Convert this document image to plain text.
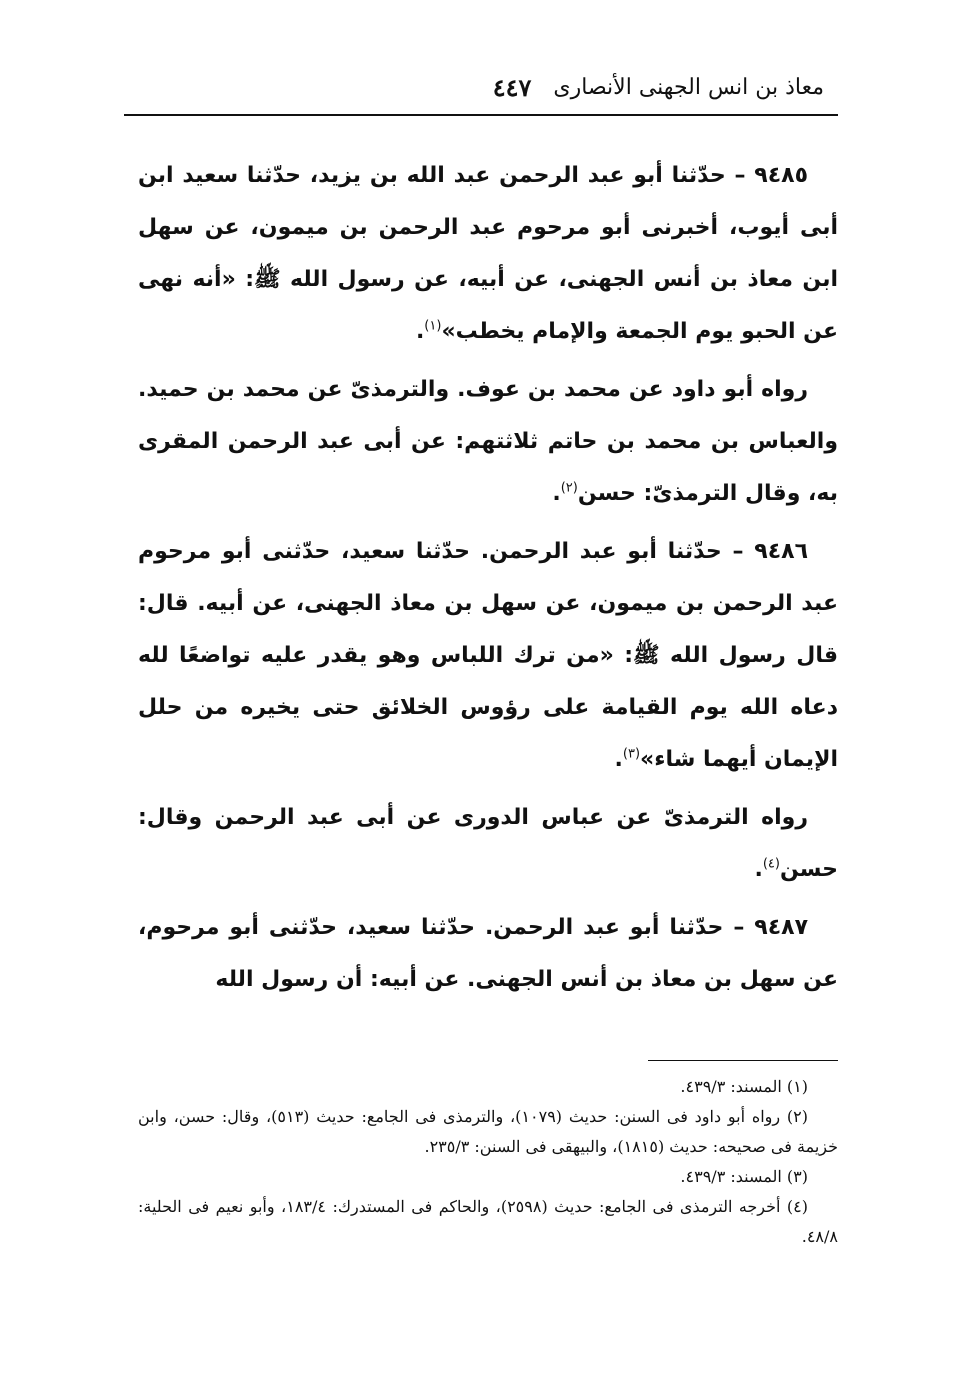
معاذ بن انس الجهنى الأنصارى
٤٤٧

٩٤٨٥ – حدّثنا أبو عبد الرحمن عبد الله بن يزيد، حدّثنا سعيد ابن أبى أيوب، أخبرنى أبو مرحوم عبد الرحمن بن ميمون، عن سهل ابن معاذ بن أنس الجهنى، عن أبيه، عن رسول الله ﷺ: «أنه نهى عن الحبو يوم الجمعة والإمام يخطب»$^{(١)}$.

رواه أبو داود عن محمد بن عوف. والترمذىّ عن محمد بن حميد. والعباس بن محمد بن حاتم ثلاثتهم: عن أبى عبد الرحمن المقرى به، وقال الترمذىّ: حسن$^{(٢)}$.

٩٤٨٦ – حدّثنا أبو عبد الرحمن. حدّثنا سعيد، حدّثنى أبو مرحوم عبد الرحمن بن ميمون، عن سهل بن معاذ الجهنى، عن أبيه. قال: قال رسول الله ﷺ: «من ترك اللباس وهو يقدر عليه تواضعًا لله دعاه الله يوم القيامة على رؤوس الخلائق حتى يخيره من حلل الإيمان أيهما شاء»$^{(٣)}$.

رواه الترمذىّ عن عباس الدورى عن أبى عبد الرحمن وقال: حسن$^{(٤)}$.

٩٤٨٧ – حدّثنا أبو عبد الرحمن. حدّثنا سعيد، حدّثنى أبو مرحوم، عن سهل بن معاذ بن أنس الجهنى. عن أبيه: أن رسول الله

(١) المسند: ٤٣٩/٣.

(٢) رواه أبو داود فى السنن: حديث (١٠٧٩)، والترمذى فى الجامع: حديث (٥١٣)، وقال: حسن، وابن خزيمة فى صحيحه: حديث (١٨١٥)، والبيهقى فى السنن: ٢٣٥/٣.

(٣) المسند: ٤٣٩/٣.

(٤) أخرجه الترمذى فى الجامع: حديث (٢٥٩٨)، والحاكم فى المستدرك: ١٨٣/٤، وأبو نعيم فى الحلية: ٤٨/٨.
